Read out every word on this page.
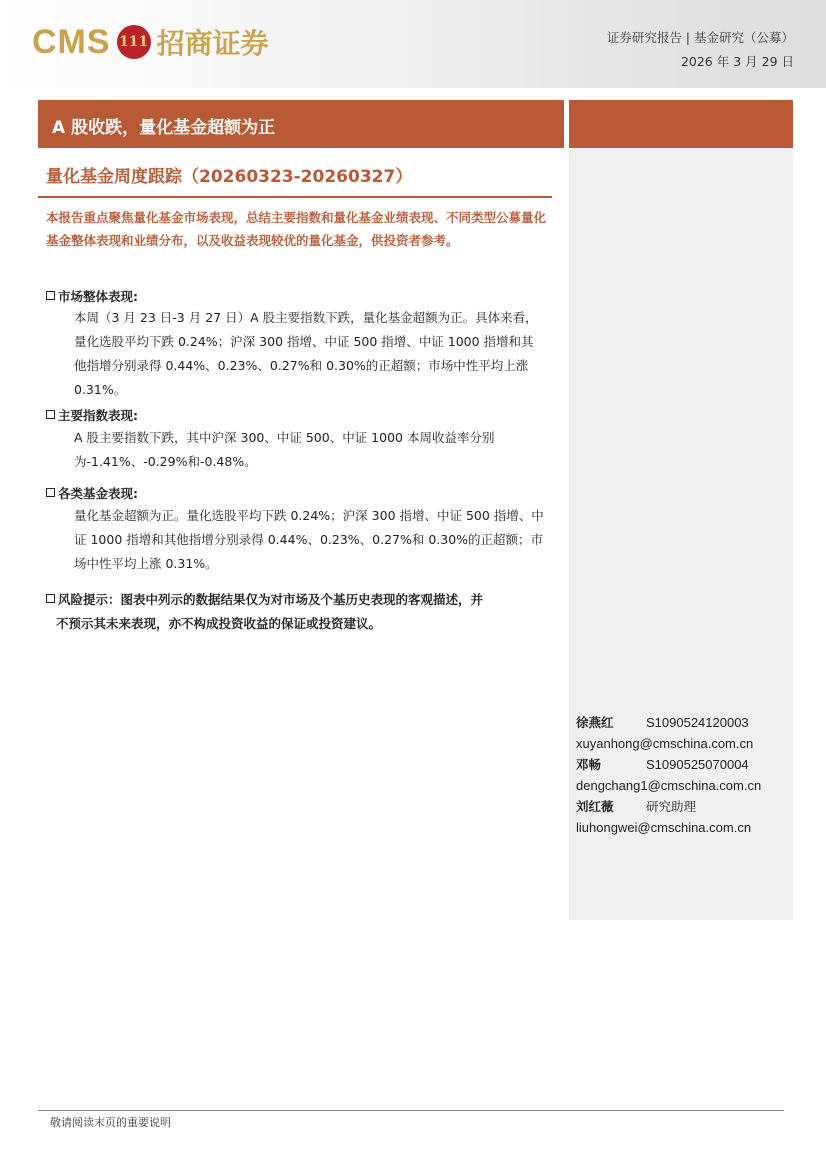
CMS 111 招商证券	证券研究报告 | 基金研究（公募）
2026 年 3 月 29 日
A 股收跌，量化基金超额为正
量化基金周度跟踪（20260323-20260327）
本报告重点聚焦量化基金市场表现，总结主要指数和量化基金业绩表现、不同类型公募量化基金整体表现和业绩分布，以及收益表现较优的量化基金，供投资者参考。
市场整体表现:
本周（3 月 23 日-3 月 27 日）A 股主要指数下跌，量化基金超额为正。具体来看，量化选股平均下跌 0.24%；沪深 300 指增、中证 500 指增、中证 1000 指增和其他指增分别录得 0.44%、0.23%、0.27%和 0.30%的正超额；市场中性平均上涨 0.31%。
主要指数表现:
A 股主要指数下跌，其中沪深 300、中证 500、中证 1000 本周收益率分别为-1.41%、-0.29%和-0.48%。
各类基金表现:
量化基金超额为正。量化选股平均下跌 0.24%；沪深 300 指增、中证 500 指增、中证 1000 指增和其他指增分别录得 0.44%、0.23%、0.27%和 0.30%的正超额；市场中性平均上涨 0.31%。
风险提示：图表中列示的数据结果仅为对市场及个基历史表现的客观描述，并
不预示其未来表现，亦不构成投资收益的保证或投资建议。
徐燕红 S1090524120003
xuyanhong@cmschina.com.cn
邓畅	S1090525070004
dengchang1@cmschina.com.cn
刘红薇	研究助理
liuhongwei@cmschina.com.cn
敬请阅读末页的重要说明
